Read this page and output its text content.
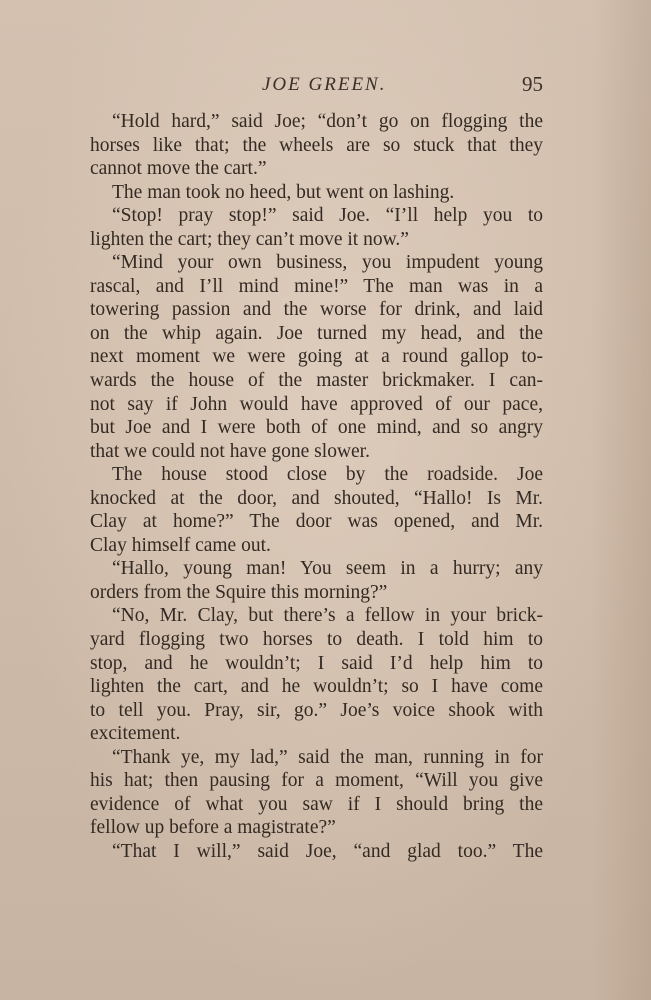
JOE GREEN.	95
“Hold hard,” said Joe; “don’t go on flogging the
horses like that; the wheels are so stuck that they
cannot move the cart.”
The man took no heed, but went on lashing.
“Stop! pray stop!” said Joe. “I’ll help you to
lighten the cart; they can’t move it now.”
“Mind your own business, you impudent young
rascal, and I’ll mind mine!” The man was in a
towering passion and the worse for drink, and laid
on the whip again. Joe turned my head, and the
next moment we were going at a round gallop to-
wards the house of the master brickmaker. I can-
not say if John would have approved of our pace,
but Joe and I were both of one mind, and so angry
that we could not have gone slower.
The house stood close by the roadside. Joe
knocked at the door, and shouted, “Hallo! Is Mr.
Clay at home?” The door was opened, and Mr.
Clay himself came out.
“Hallo, young man! You seem in a hurry; any
orders from the Squire this morning?”
“No, Mr. Clay, but there’s a fellow in your brick-
yard flogging two horses to death. I told him to
stop, and he wouldn’t; I said I’d help him to
lighten the cart, and he wouldn’t; so I have come
to tell you. Pray, sir, go.” Joe’s voice shook with
excitement.
“Thank ye, my lad,” said the man, running in for
his hat; then pausing for a moment, “Will you give
evidence of what you saw if I should bring the
fellow up before a magistrate?”
“That I will,” said Joe, “and glad too.” The
